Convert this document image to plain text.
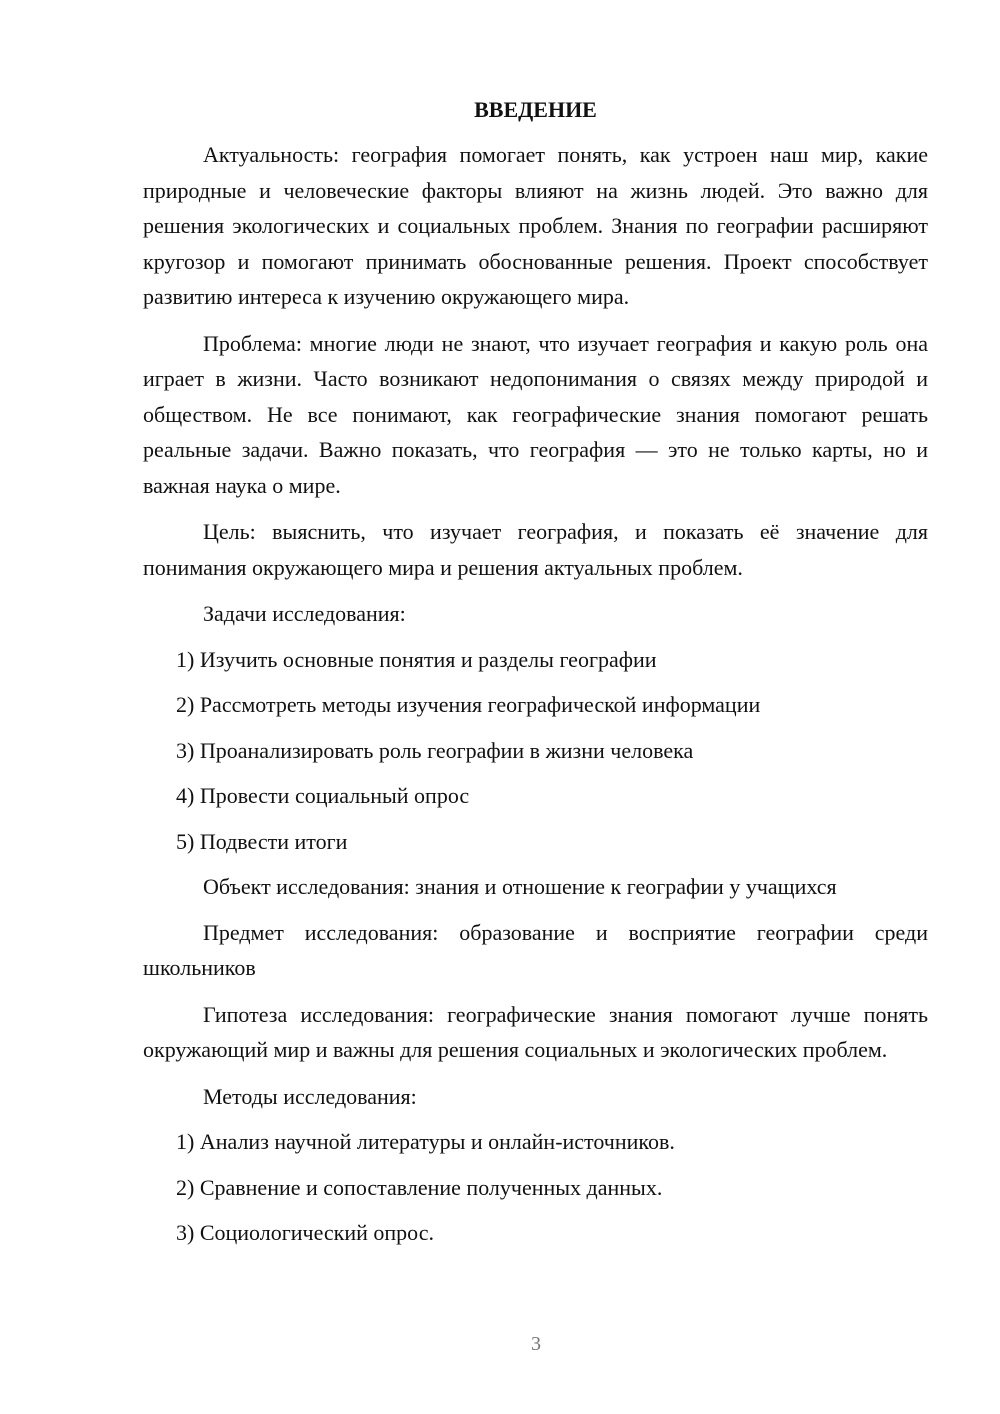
ВВЕДЕНИЕ

Актуальность: география помогает понять, как устроен наш мир, какие природные и человеческие факторы влияют на жизнь людей. Это важно для решения экологических и социальных проблем. Знания по географии расширяют кругозор и помогают принимать обоснованные решения. Проект способствует развитию интереса к изучению окружающего мира.

Проблема: многие люди не знают, что изучает география и какую роль она играет в жизни. Часто возникают недопонимания о связях между природой и обществом. Не все понимают, как географические знания помогают решать реальные задачи. Важно показать, что география — это не только карты, но и важная наука о мире.

Цель: выяснить, что изучает география, и показать её значение для понимания окружающего мира и решения актуальных проблем.

Задачи исследования:
1) Изучить основные понятия и разделы географии
2) Рассмотреть методы изучения географической информации
3) Проанализировать роль географии в жизни человека
4) Провести социальный опрос
5) Подвести итоги
Объект исследования: знания и отношение к географии у учащихся

Предмет исследования: образование и восприятие географии среди школьников

Гипотеза исследования: географические знания помогают лучше понять окружающий мир и важны для решения социальных и экологических проблем.

Методы исследования:
1) Анализ научной литературы и онлайн-источников.
2) Сравнение и сопоставление полученных данных.
3) Социологический опрос.
3
